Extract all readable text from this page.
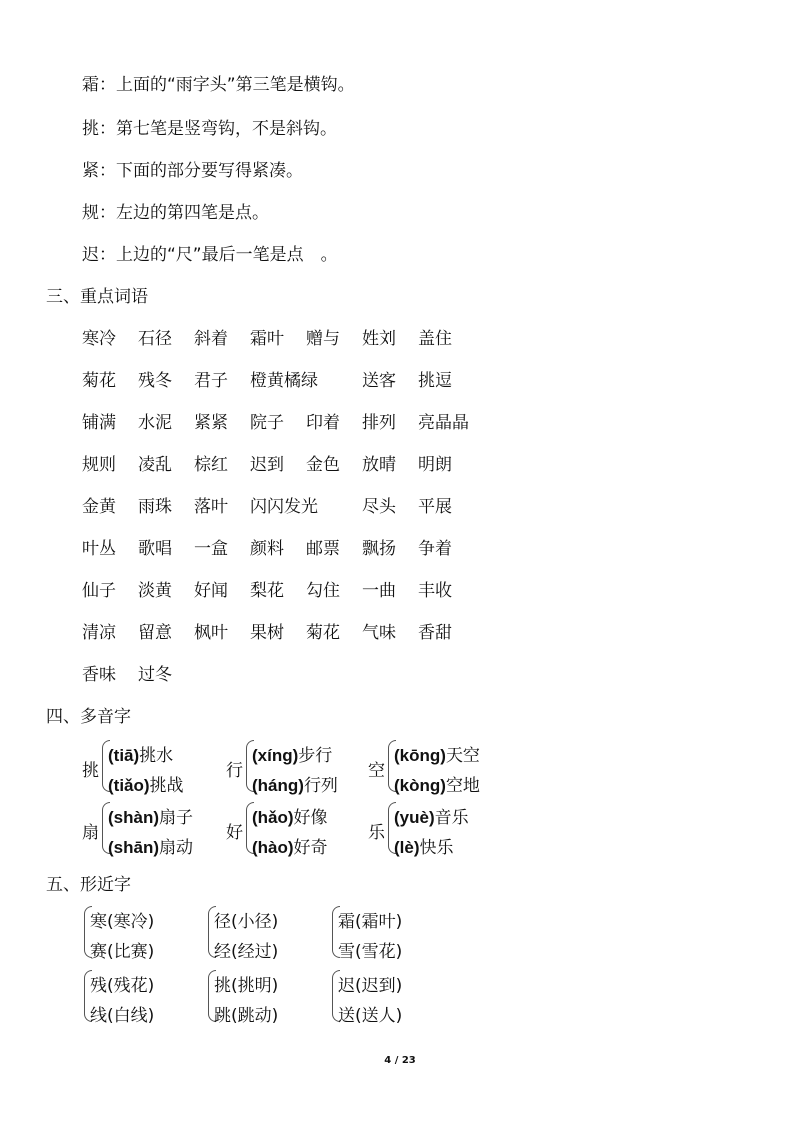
霜：上面的“雨字头”第三笔是横钩。
挑：第七笔是竖弯钩，不是斜钩。
紧：下面的部分要写得紧凑。
规：左边的第四笔是点。
迟：上边的“尺”最后一笔是点　。
三、重点词语
寒冷 石径 斜着 霜叶 赠与 姓刘 盖住
菊花 残冬 君子 橙黄橘绿	送客 挑逗
铺满 水泥 紧紧 院子 印着 排列 亮晶晶
规则 凌乱 棕红 迟到 金色 放晴 明朗
金黄 雨珠 落叶 闪闪发光	尽头 平展
叶丛 歌唱 一盒 颜料 邮票 飘扬 争着
仙子 淡黄 好闻 梨花 勾住 一曲 丰收
清凉 留意 枫叶 果树 菊花 气味 香甜
香味 过冬
四、多音字
挑
(tiā)挑水
(tiǎo)挑战
行
(xíng)步行
(háng)行列
空
(kōng)天空
(kòng)空地
扇
(shàn)扇子
(shān)扇动
好
(hǎo)好像
(hào)好奇
乐
(yuè)音乐
(lè)快乐
五、形近字
寒(寒冷)
赛(比赛)
径(小径)
经(经过)
霜(霜叶)
雪(雪花)
残(残花)
线(白线)
挑(挑明)
跳(跳动)
迟(迟到)
送(送人)
4 / 23
